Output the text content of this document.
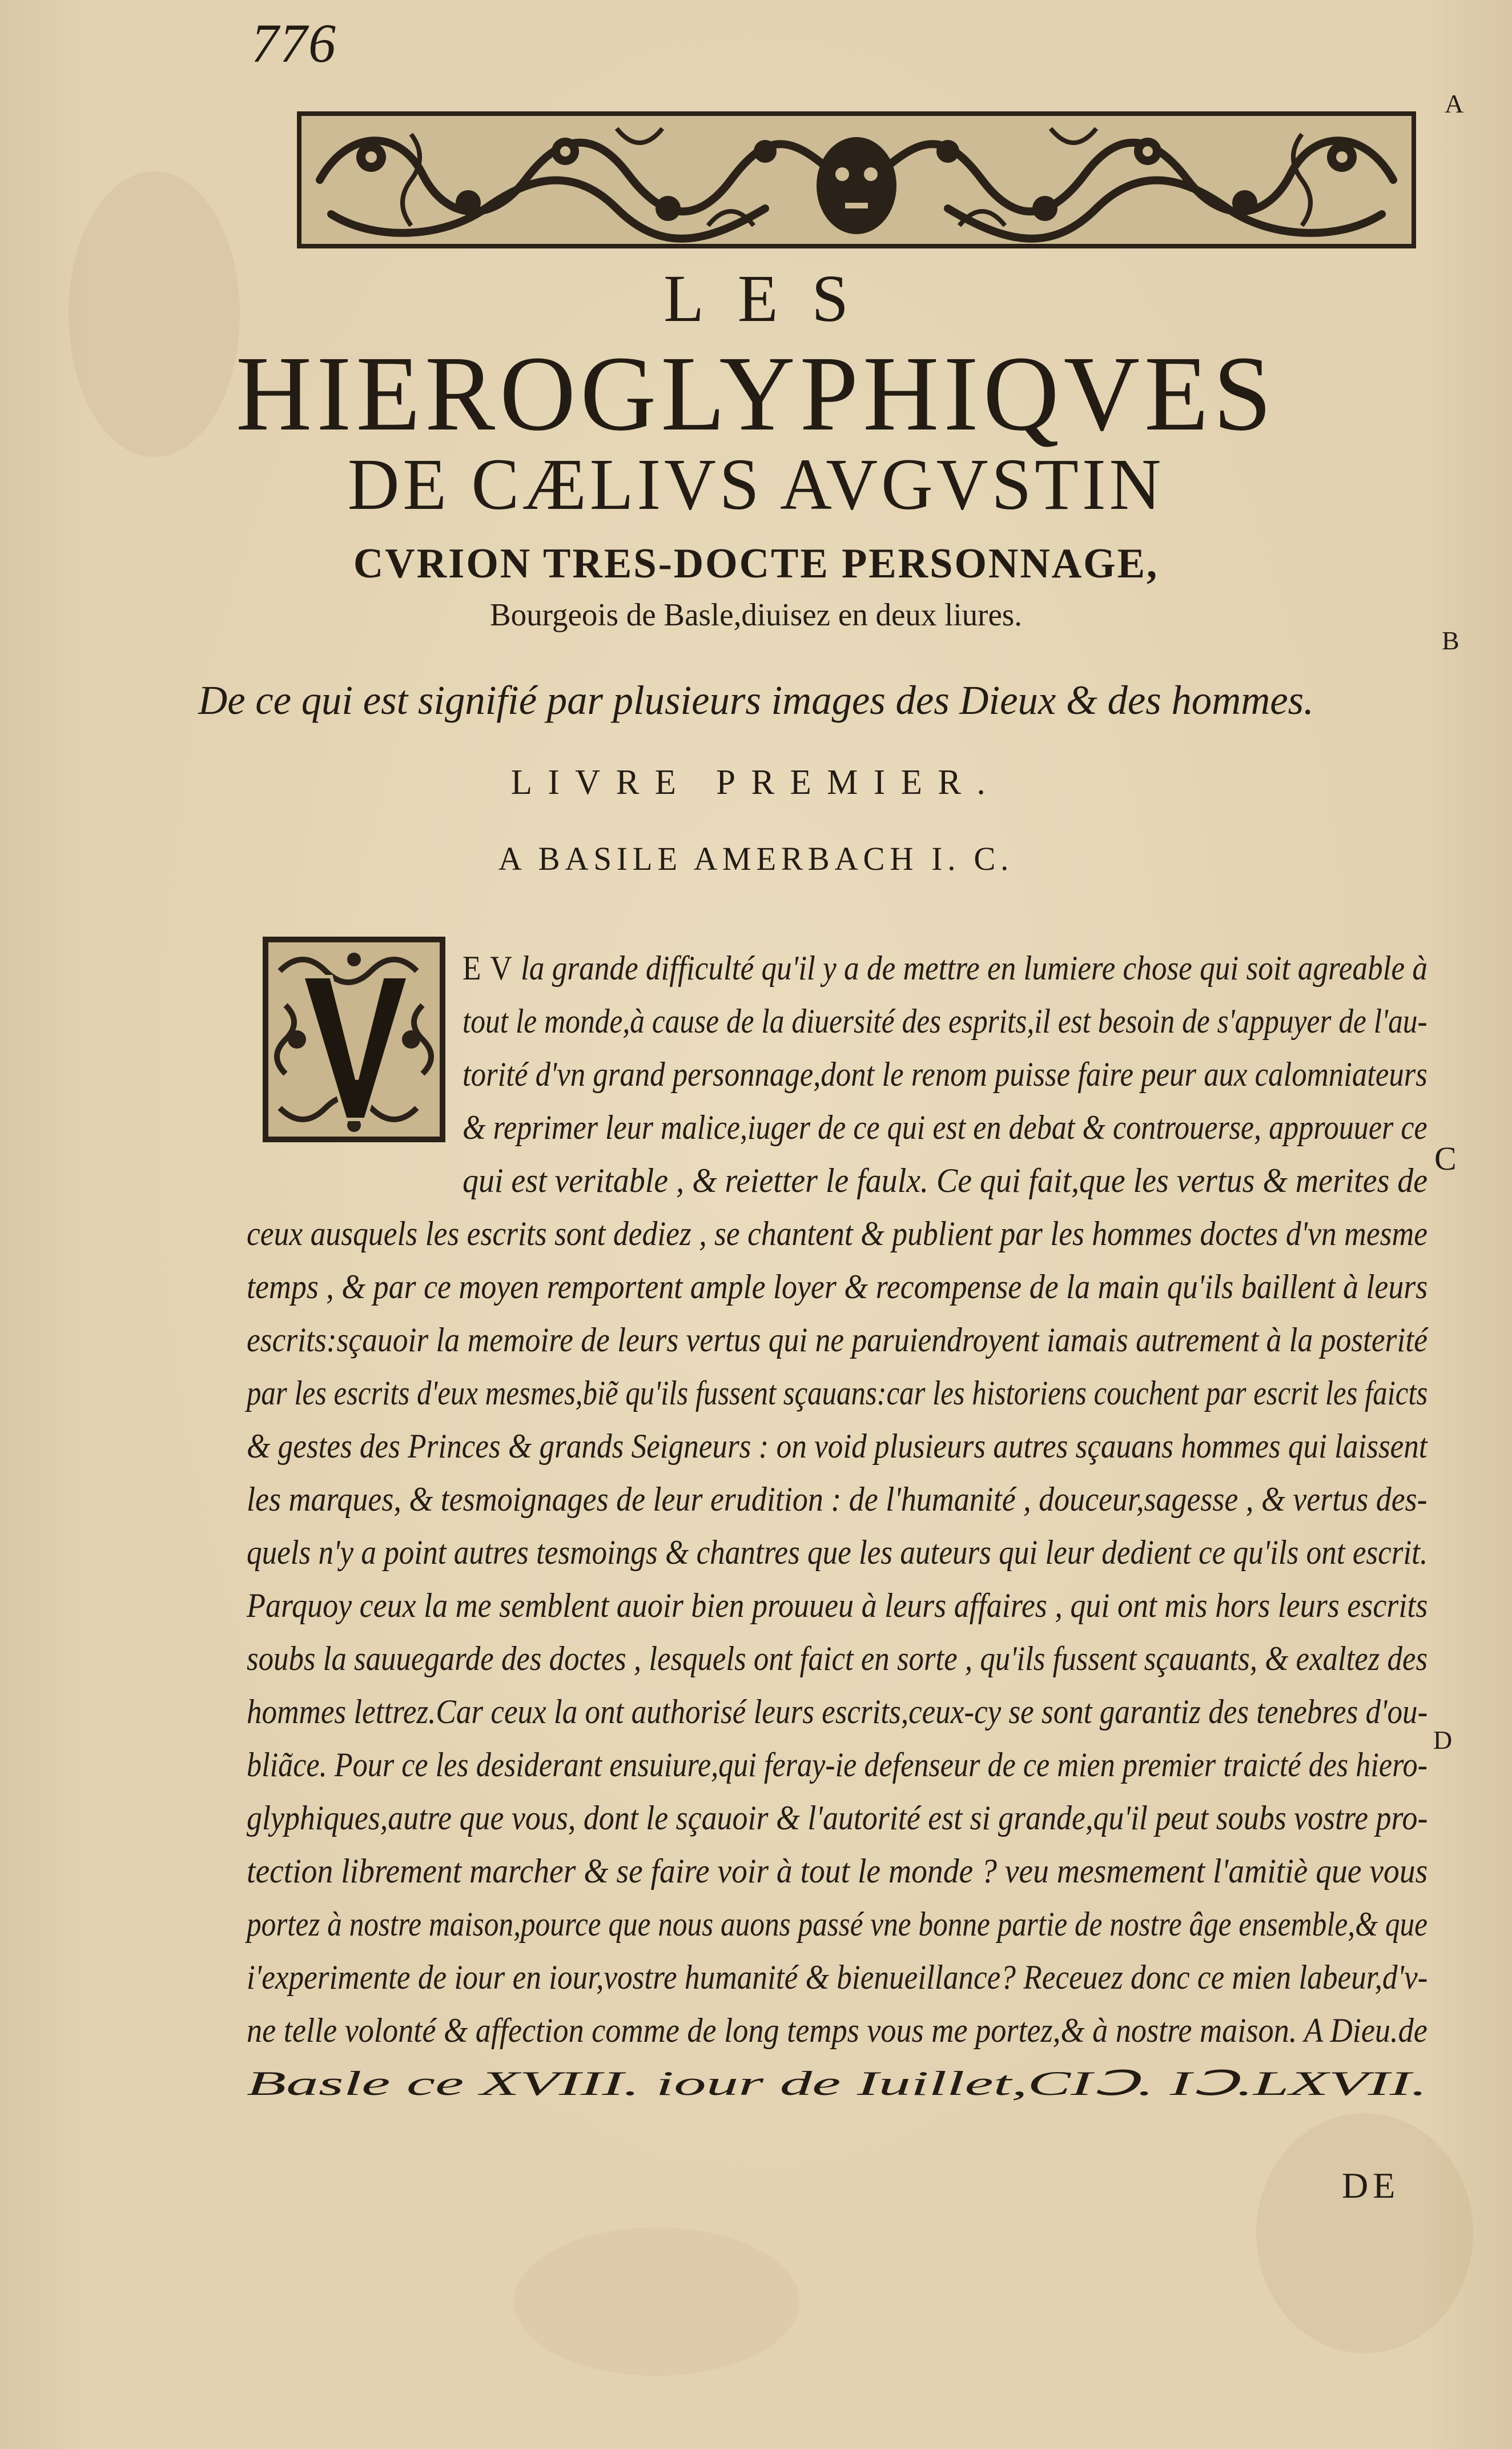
776
A
B
C
D
LES
HIEROGLYPHIQVES
DE CÆLIVS AVGVSTIN
CVRION TRES-DOCTE PERSONNAGE,
Bourgeois de Basle,diuisez en deux liures.
De ce qui est signifié par plusieurs images des Dieux & des hommes.
LIVRE PREMIER.
A BASILE AMERBACH I. C.
E V la grande difficulté qu'il y a de mettre en lumiere chose qui soit agreable à
tout le monde,à cause de la diuersité des esprits,il est besoin de s'appuyer de l'au-
torité d'vn grand personnage,dont le renom puisse faire peur aux calomniateurs
& reprimer leur malice,iuger de ce qui est en debat & controuerse, approuuer ce
qui est veritable , & reietter le faulx. Ce qui fait,que les vertus & merites de
ceux ausquels les escrits sont dediez , se chantent & publient par les hommes doctes d'vn mesme
temps , & par ce moyen remportent ample loyer & recompense de la main qu'ils baillent à leurs
escrits:sçauoir la memoire de leurs vertus qui ne paruiendroyent iamais autrement à la posterité
par les escrits d'eux mesmes,biẽ qu'ils fussent sçauans:car les historiens couchent par escrit les faicts
& gestes des Princes & grands Seigneurs : on void plusieurs autres sçauans hommes qui laissent
les marques, & tesmoignages de leur erudition : de l'humanité , douceur,sagesse , & vertus des-
quels n'y a point autres tesmoings & chantres que les auteurs qui leur dedient ce qu'ils ont escrit.
Parquoy ceux la me semblent auoir bien prouueu à leurs affaires , qui ont mis hors leurs escrits
soubs la sauuegarde des doctes , lesquels ont faict en sorte , qu'ils fussent sçauants, & exaltez des
hommes lettrez.Car ceux la ont authorisé leurs escrits,ceux-cy se sont garantiz des tenebres d'ou-
bliãce. Pour ce les desiderant ensuiure,qui feray-ie defenseur de ce mien premier traicté des hiero-
glyphiques,autre que vous, dont le sçauoir & l'autorité est si grande,qu'il peut soubs vostre pro-
tection librement marcher & se faire voir à tout le monde ? veu mesmement l'amitiè que vous
portez à nostre maison,pource que nous auons passé vne bonne partie de nostre âge ensemble,& que
i'experimente de iour en iour,vostre humanité & bienueillance? Receuez donc ce mien labeur,d'v-
ne telle volonté & affection comme de long temps vous me portez,& à nostre maison. A Dieu.de
Basle ce XVIII. iour de Iuillet,CIↃ. IↃ.LXVII.
DE
